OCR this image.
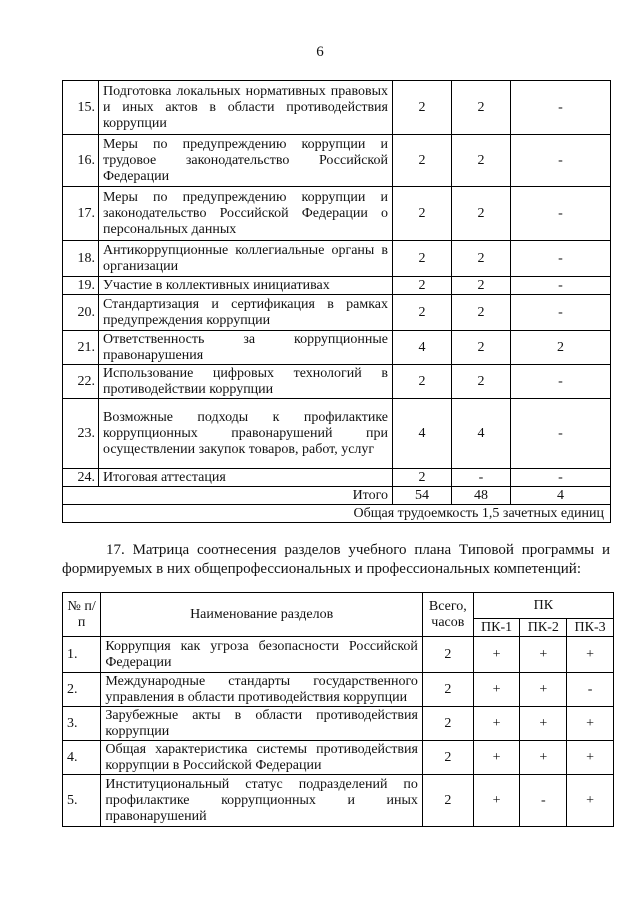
6
15.	Подготовка локальных нормативных правовых и иных актов в области противодействия коррупции	2	2	-
16.	Меры по предупреждению коррупции и трудовое законодательство Российской Федерации	2	2	-
17.	Меры по предупреждению коррупции и законодательство Российской Федерации о персональных данных	2	2	-
18.	Антикоррупционные коллегиальные органы в организации	2	2	-
19.	Участие в коллективных инициативах	2	2	-
20.	Стандартизация и сертификация в рамках предупреждения коррупции	2	2	-
21.	Ответственность за коррупционные правонарушения	4	2	2
22.	Использование цифровых технологий в противодействии коррупции	2	2	-
23.	Возможные подходы к профилактике коррупционных правонарушений при осуществлении закупок товаров, работ, услуг	4	4	-
24.	Итоговая аттестация	2	-	-
Итого		54	48	4
Общая трудоемкость 1,5 зачетных единиц				
17. Матрица соотнесения разделов учебного плана Типовой программы и формируемых в них общепрофессиональных и профессиональных компетенций:
№ п/п	Наименование разделов	Всего, часов	ПК		
			ПК-1	ПК-2	ПК-3
1.	Коррупция как угроза безопасности Российской Федерации	2	+	+	+
2.	Международные стандарты государственного управления в области противодействия коррупции	2	+	+	-
3.	Зарубежные акты в области противодействия коррупции	2	+	+	+
4.	Общая характеристика системы противодействия коррупции в Российской Федерации	2	+	+	+
5.	Институциональный статус подразделений по профилактике коррупционных и иных правонарушений	2	+	-	+
